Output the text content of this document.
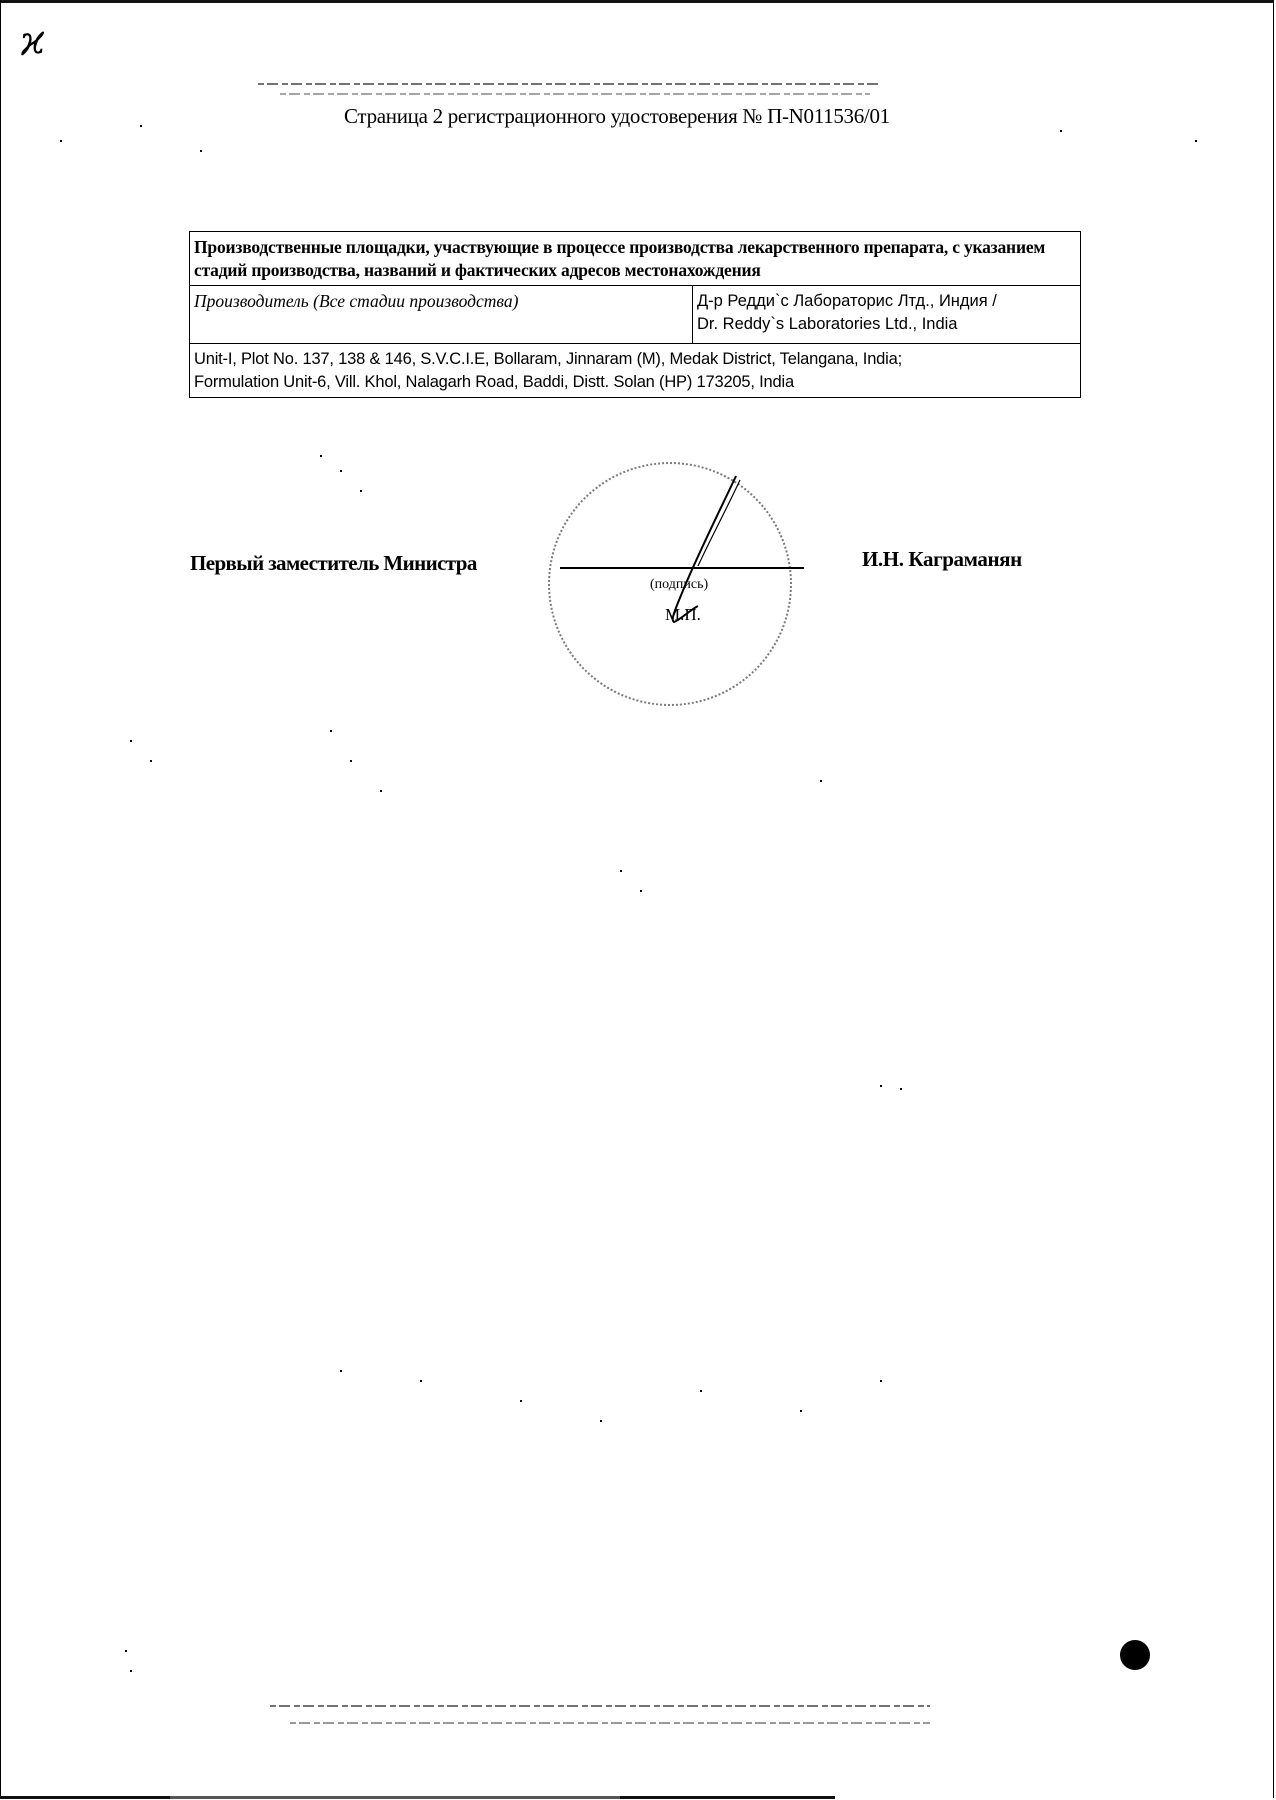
ϰ
Страница 2 регистрационного удостоверения № П-N011536/01
Производственные площадки, участвующие в процессе производства лекарственного препарата, с указанием стадий производства, названий и фактических адресов местонахождения
Производитель (Все стадии производства)	Д-р Редди`с Лабораторис Лтд., Индия /
Dr. Reddy`s Laboratories Ltd., India

Unit-I, Plot No. 137, 138 & 146, S.V.C.I.E, Bollaram, Jinnaram (M), Medak District, Telangana, India;
Formulation Unit-6, Vill. Khol, Nalagarh Road, Baddi, Distt. Solan (HP) 173205, India
Первый заместитель Министра
(подпись)
М.П.
И.Н. Каграманян
